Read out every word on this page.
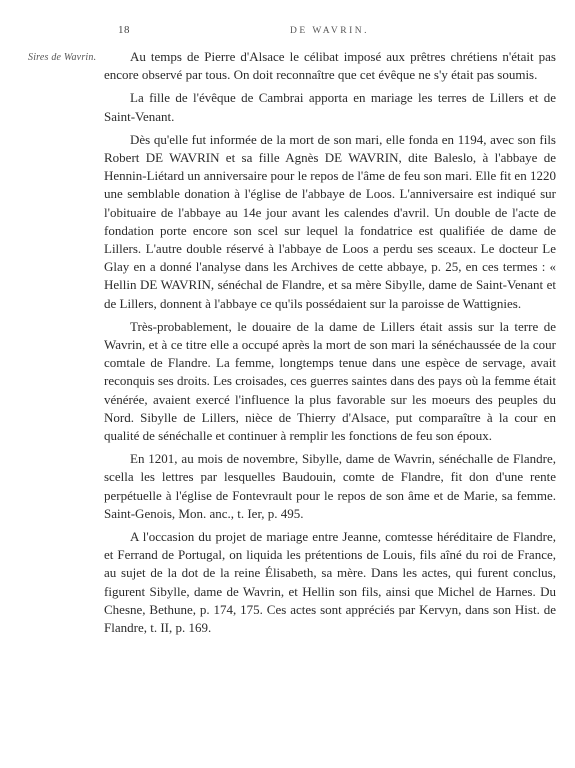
18	DE WAVRIN.
Sires de Wavrin.	Au temps de Pierre d'Alsace le célibat imposé aux prêtres chrétiens n'était pas encore observé par tous. On doit reconnaître que cet évêque ne s'y était pas soumis.

La fille de l'évêque de Cambrai apporta en mariage les terres de Lillers et de Saint-Venant.

Dès qu'elle fut informée de la mort de son mari, elle fonda en 1194, avec son fils Robert DE WAVRIN et sa fille Agnès DE WAVRIN, dite Baleslo, à l'abbaye de Hennin-Liétard un anniversaire pour le repos de l'âme de feu son mari. Elle fit en 1220 une semblable donation à l'église de l'abbaye de Loos. L'anniversaire est indiqué sur l'obituaire de l'abbaye au 14e jour avant les calendes d'avril. Un double de l'acte de fondation porte encore son scel sur lequel la fondatrice est qualifiée de dame de Lillers. L'autre double réservé à l'abbaye de Loos a perdu ses sceaux. Le docteur Le Glay en a donné l'analyse dans les Archives de cette abbaye, p. 25, en ces termes : « Hellin DE WAVRIN, sénéchal de Flandre, et sa mère Sibylle, dame de Saint-Venant et de Lillers, donnent à l'abbaye ce qu'ils possédaient sur la paroisse de Wattignies.

Très-probablement, le douaire de la dame de Lillers était assis sur la terre de Wavrin, et à ce titre elle a occupé après la mort de son mari la sénéchaussée de la cour comtale de Flandre. La femme, longtemps tenue dans une espèce de servage, avait reconquis ses droits. Les croisades, ces guerres saintes dans des pays où la femme était vénérée, avaient exercé l'influence la plus favorable sur les moeurs des peuples du Nord. Sibylle de Lillers, nièce de Thierry d'Alsace, put comparaître à la cour en qualité de sénéchalle et continuer à remplir les fonctions de feu son époux.

En 1201, au mois de novembre, Sibylle, dame de Wavrin, sénéchalle de Flandre, scella les lettres par lesquelles Baudouin, comte de Flandre, fit don d'une rente perpétuelle à l'église de Fontevrault pour le repos de son âme et de Marie, sa femme. Saint-Genois, Mon. anc., t. Ier, p. 495.

A l'occasion du projet de mariage entre Jeanne, comtesse héréditaire de Flandre, et Ferrand de Portugal, on liquida les prétentions de Louis, fils aîné du roi de France, au sujet de la dot de la reine Élisabeth, sa mère. Dans les actes, qui furent conclus, figurent Sibylle, dame de Wavrin, et Hellin son fils, ainsi que Michel de Harnes. Du Chesne, Bethune, p. 174, 175. Ces actes sont appréciés par Kervyn, dans son Hist. de Flandre, t. II, p. 169.
